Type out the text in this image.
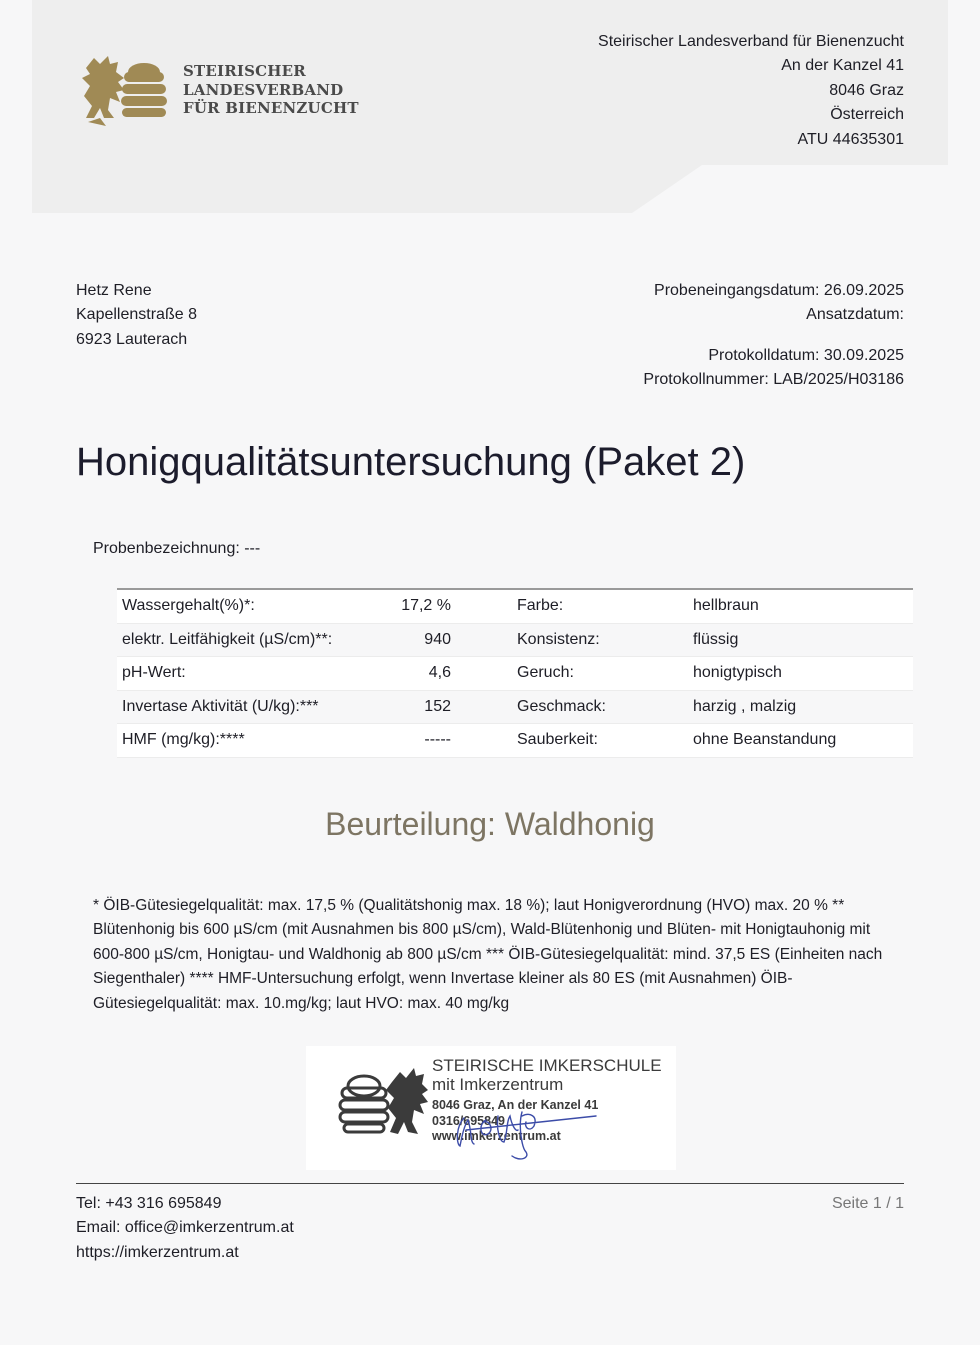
STEIRISCHER
LANDESVERBAND
FÜR BIENENZUCHT
Steirischer Landesverband für Bienenzucht
An der Kanzel 41
8046 Graz
Österreich
ATU 44635301
Hetz Rene
Kapellenstraße 8
6923 Lauterach
Probeneingangsdatum: 26.09.2025
Ansatzdatum:
Protokolldatum: 30.09.2025
Protokollnummer: LAB/2025/H03186
Honigqualitätsuntersuchung (Paket 2)
Probenbezeichnung: ---
Wassergehalt(%)*:	17,2 %		Farbe:	hellbraun
elektr. Leitfähigkeit (µS/cm)**:	940		Konsistenz:	flüssig
pH-Wert:	4,6		Geruch:	honigtypisch
Invertase Aktivität (U/kg):***	152		Geschmack:	harzig , malzig
HMF (mg/kg):****	-----		Sauberkeit:	ohne Beanstandung
Beurteilung: Waldhonig
* ÖIB-Gütesiegelqualität: max. 17,5 % (Qualitätshonig max. 18 %); laut Honigverordnung (HVO) max. 20 % ** Blütenhonig bis 600 µS/cm (mit Ausnahmen bis 800 µS/cm), Wald-Blütenhonig und Blüten- mit Honigtauhonig mit 600-800 µS/cm, Honigtau- und Waldhonig ab 800 µS/cm *** ÖIB-Gütesiegelqualität: mind. 37,5 ES (Einheiten nach Siegenthaler) **** HMF-Untersuchung erfolgt, wenn Invertase kleiner als 80 ES (mit Ausnahmen) ÖIB-Gütesiegelqualität: max. 10.mg/kg; laut HVO: max. 40 mg/kg
STEIRISCHE IMKERSCHULE
mit Imkerzentrum
8046 Graz, An der Kanzel 41
0316/695849
www.imkerzentrum.at
Tel: +43 316 695849
Email: office@imkerzentrum.at
https://imkerzentrum.at
Seite 1 / 1
